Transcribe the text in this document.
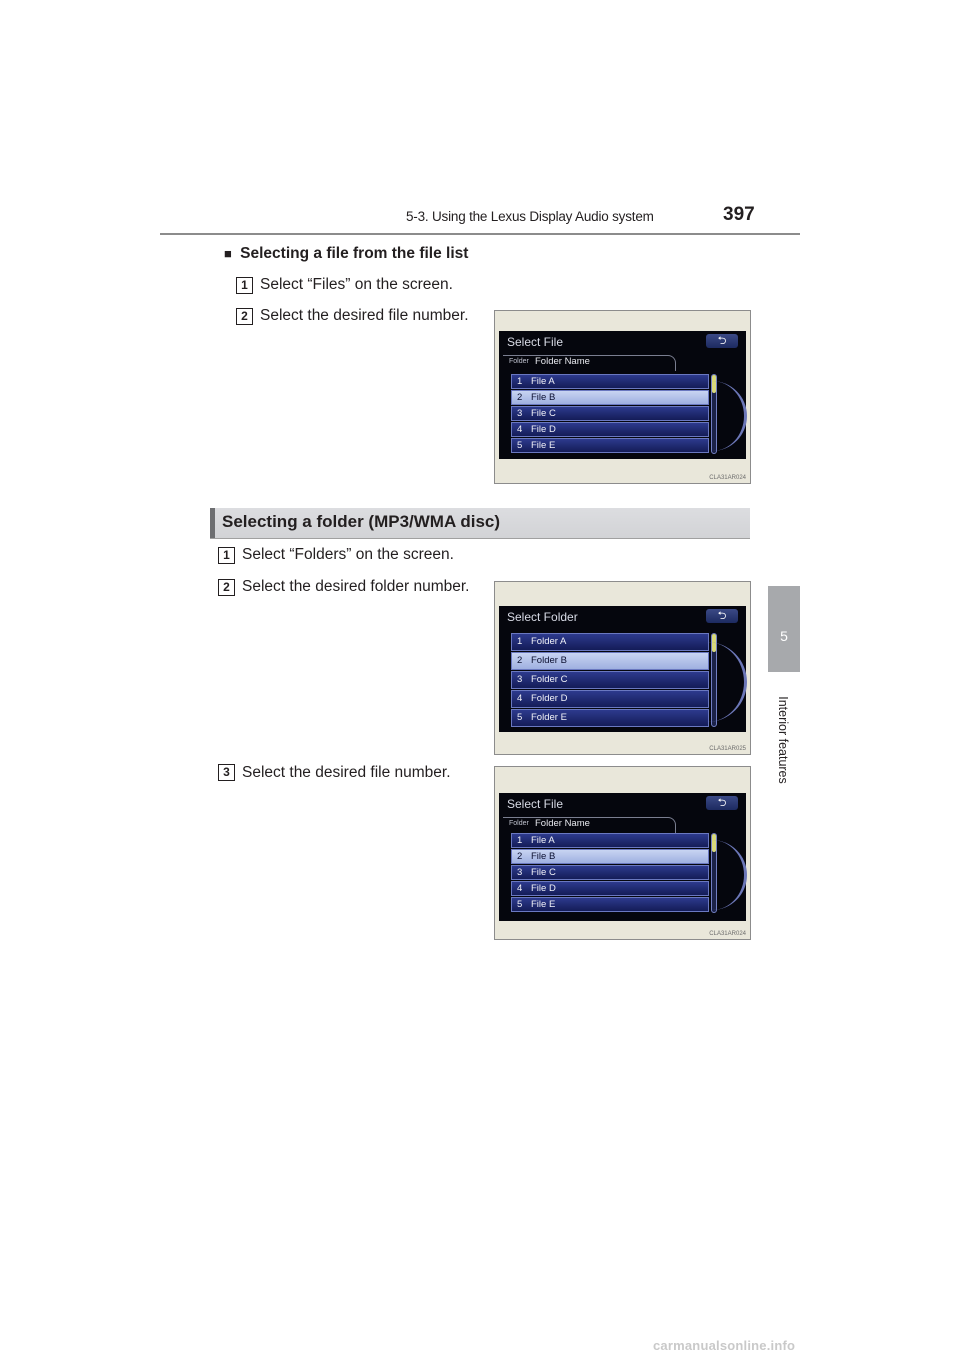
5-3. Using the Lexus Display Audio system	397
5
Interior features
■ Selecting a file from the file list
1 Select “Files” on the screen.
2 Select the desired file number.
Select File	⮌
Folder Folder Name
1 File A
2 File B
3 File C
4 File D
5 File E
CLA31AR024
Selecting a folder (MP3/WMA disc)
1 Select “Folders” on the screen.
2 Select the desired folder number.
3 Select the desired file number.
Select Folder	⮌
1 Folder A
2 Folder B
3 Folder C
4 Folder D
5 Folder E
CLA31AR025
Select File	⮌
Folder Folder Name
1 File A
2 File B
3 File C
4 File D
5 File E
CLA31AR024
carmanualsonline.info
